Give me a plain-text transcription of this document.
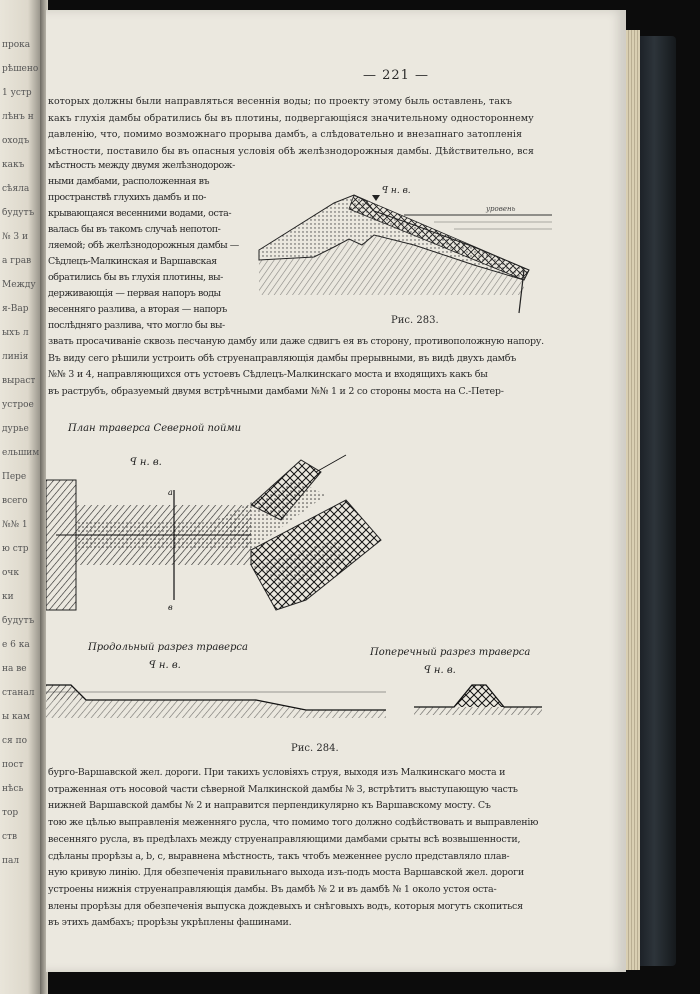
прока
рѣшено
1 устр
лѣнъ н
оходъ
какъ
сѣяла
будутъ
№ 3 и
а грав
Между
я-Вар
ыхъ л
линія
выраст
устрое
дурье
ельшим
Пере
всего
№№ 1
ю стр
очк
ки
будутъ
е 6 ка
на ве
станал
ы кам
ся по
пост
нѣсь
тор
ств
пал
— 221 —
которых должны были направляться весеннія воды; по проекту этому быль оставлень, такъ
какъ глухія дамбы обратились бы въ плотины, подвергающіяся значительному одностороннему
давленію, что, помимо возможнаго прорыва дамбъ, а слѣдовательно и внезапнаго затопленія
мѣстности, поставило бы въ опасныя условія обѣ желѣзнодорожныя дамбы. Дѣйствительно, вся
мѣстность между двумя желѣзнодорож-
ными дамбами, расположенная въ
пространствѣ глухихъ дамбъ и по-
крывающаяся весенними водами, оста-
валась бы въ такомъ случаѣ непотоп-
ляемой; обѣ желѣзнодорожныя дамбы —
Сѣдлецъ-Малкинская и Варшавская
обратились бы въ глухія плотины, вы-
держивающія — первая напоръ воды
весенняго разлива, а вторая — напоръ
послѣдняго разлива, что могло бы вы-
звать просачиваніе сквозь песчаную дамбу или даже сдвигъ ея въ сторону, противоположную напору.
Въ виду сего рѣшили устроить обѣ струенаправляющія дамбы прерывными, въ видѣ двухъ дамбъ
№№ 3 и 4, направляющихся отъ устоевъ Сѣдлецъ-Малкинскаго моста и входящихъ какъ бы
въ раструбъ, образуемый двумя встрѣчными дамбами №№ 1 и 2 со стороны моста на С.-Петер-
ꟼ н. в.
уровень
Рис. 283.
План траверса Северной пойми
ꟼ н. в.
а
в
Продольный разрез траверса
ꟼ н. в.
Поперечный разрез траверса
ꟼ н. в.
Рис. 284.
бурго-Варшавской жел. дороги. При такихъ условіяхъ струя, выходя изъ Малкинскаго моста и
отраженная отъ носовой части сѣверной Малкинской дамбы № 3, встрѣтитъ выступающую часть
нижней Варшавской дамбы № 2 и направится перпендикулярно къ Варшавскому мосту. Съ
тою же цѣлью выправленія меженняго русла, что помимо того должно содѣйствовать и выправленію
весенняго русла, въ предѣлахъ между струенаправляющими дамбами срыты всѣ возвышенности,
сдѣланы прорѣзы a, b, c, выравнена мѣстность, такъ чтобъ меженнее русло представляло плав-
ную кривую линію. Для обезпеченія правильнаго выхода изъ-подъ моста Варшавской жел. дороги
устроены нижнія струенаправляющія дамбы. Въ дамбѣ № 2 и въ дамбѣ № 1 около устоя оста-
влены прорѣзы для обезпеченія выпуска дождевыхъ и снѣговыхъ водъ, которыя могутъ скопиться
въ этихъ дамбахъ; прорѣзы укрѣплены фашинами.
